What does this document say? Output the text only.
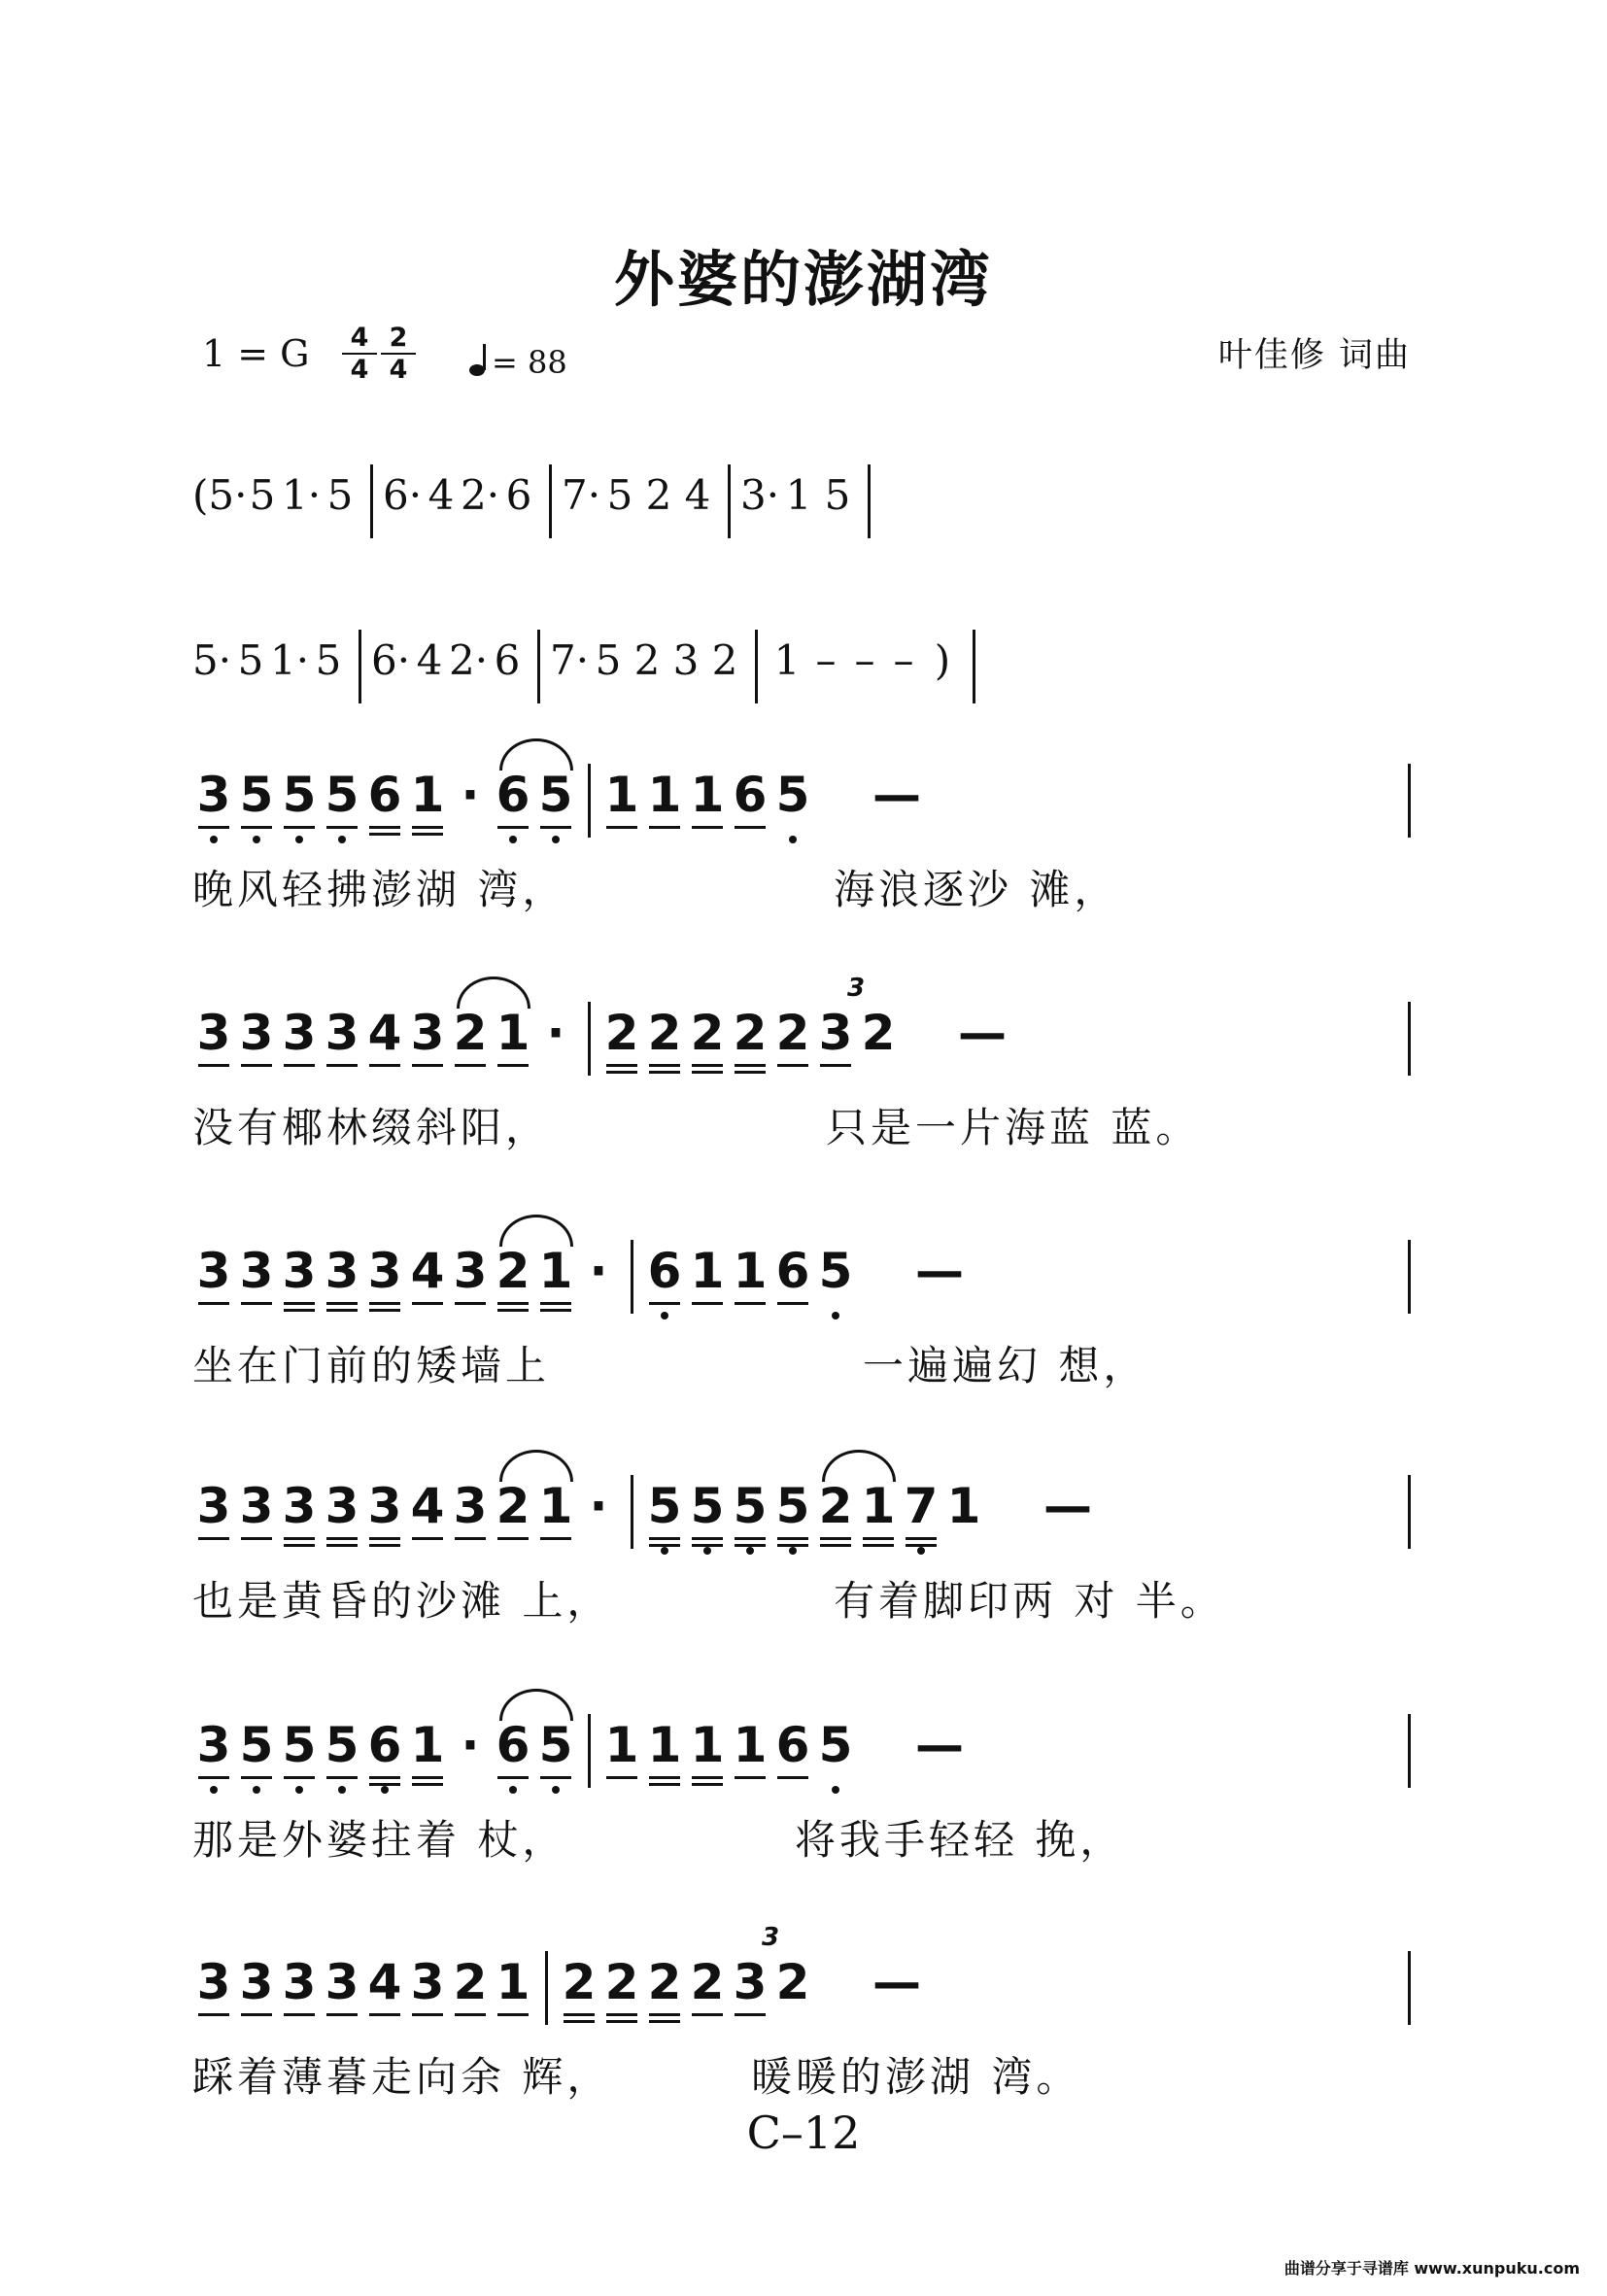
外婆的澎湖湾
1 = G	4
4
2
4	= 88	叶佳修 词曲
(5· 5 1· 5 6· 4 2· 6 7· 5 2 4 3· 1 5
5· 5 1· 5 6· 4 2· 6 7· 5 2 3 2 1 – – – )
3 5 5 5 6 1 · 6 5 1 1 1 6 5 —
晚风轻拂澎湖 湾，	海浪逐沙 滩，
3 3 3 3 4 3 2 1 · 2 2 2 2 2 3 2
3
—
没有椰林缀斜阳，	只是一片海蓝 蓝。
3 3 3 3 3 4 3 2 1 · 6 1 1 6 5 —
坐在门前的矮墙上	一遍遍幻 想，
3 3 3 3 3 4 3 2 1 · 5 5 5 5 2 1 7 1 —
也是黄昏的沙滩 上，	有着脚印两 对 半。
3 5 5 5 6 1 · 6 5 1 1 1 1 6 5 —
那是外婆拄着 杖，	将我手轻轻 挽，
3 3 3 3 4 3 2 1 2 2 2 2 3 2
3
—
踩着薄暮走向余 辉，	暖暖的澎湖 湾。
C–12
曲谱分享于寻谱库 www.xunpuku.com
